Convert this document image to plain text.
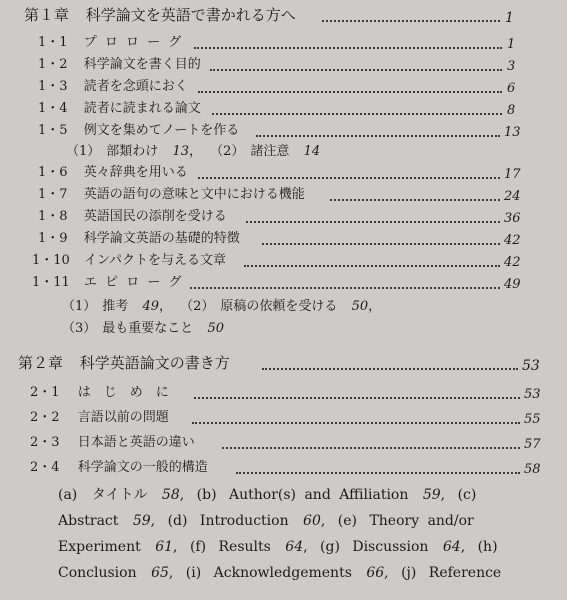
第１章 科学論文を英語で書かれる方へ	1
1・1 プ ロ ロ ー グ	1
1・2 科学論文を書く目的	3
1・3 読者を念頭におく	6
1・4 読者に読まれる論文	8
1・5 例文を集めてノートを作る	13
（1） 部類わけ 13， （2） 諸注意 14
1・6 英々辞典を用いる	17
1・7 英語の語句の意味と文中における機能	24
1・8 英語国民の添削を受ける	36
1・9 科学論文英語の基礎的特徴	42
1・10 インパクトを与える文章	42
1・11 エ ピ ロ ー グ	49
（1） 推考 49， （2） 原稿の依頼を受ける 50，
（3） 最も重要なこと 50
第２章 科学英語論文の書き方	53
2・1 は　じ　め　に	53
2・2 言語以前の問題	55
2・3 日本語と英語の違い	57
2・4 科学論文の一般的構造	58
(a) タイトル 58, (b) Author(s) and Affiliation 59, (c)
Abstract 59, (d) Introduction 60, (e) Theory and/or
Experiment 61, (f) Results 64, (g) Discussion 64, (h)
Conclusion 65, (i) Acknowledgements 66, (j) Reference
